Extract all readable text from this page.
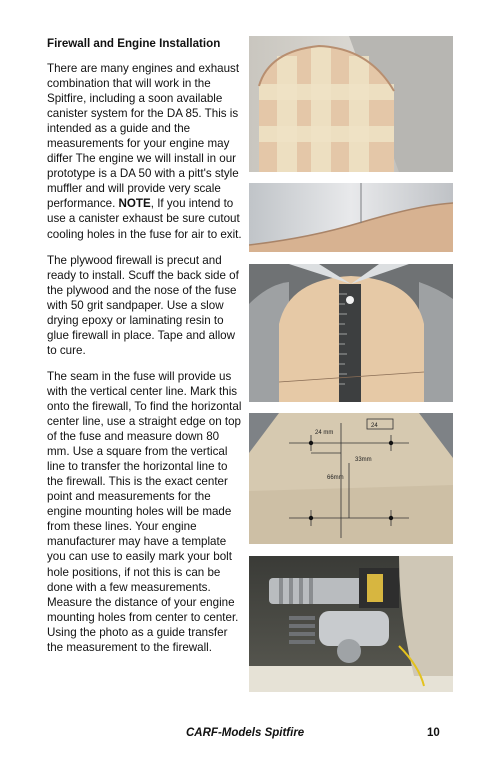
Firewall and Engine Installation

There are many engines and exhaust combination that will work in the Spitfire, including a soon available canister system for the DA 85. This is intended as a guide and the measurements for your engine may differ The engine we will install in our prototype is a DA 50 with a pitt's style muffler and will provide very scale performance. NOTE, If you intend to use a canister exhaust be sure cutout cooling holes in the fuse for air to exit.

The plywood firewall is precut and ready to install. Scuff the back side of the plywood and the nose of the fuse with 50 grit sandpaper. Use a slow drying epoxy or laminating resin to glue firewall in place. Tape and allow to cure.

The seam in the fuse will provide us with the vertical center line. Mark this onto the firewall, To find the horizontal center line, use a straight edge on top of the fuse and measure down 80 mm. Use a square from the vertical line to transfer the horizontal line to the firewall. This is the exact center point and measurements for the engine mounting holes will be made from these lines. Your engine manufacturer may have a template you can use to easily mark your bolt hole positions, if not this is can be done with a few measurements. Measure the distance of your engine mounting holes from center to center. Using the photo as a guide transfer the measurement to the firewall.

24 mm
24
33mm
66mm
CARF-Models Spitfire	10
